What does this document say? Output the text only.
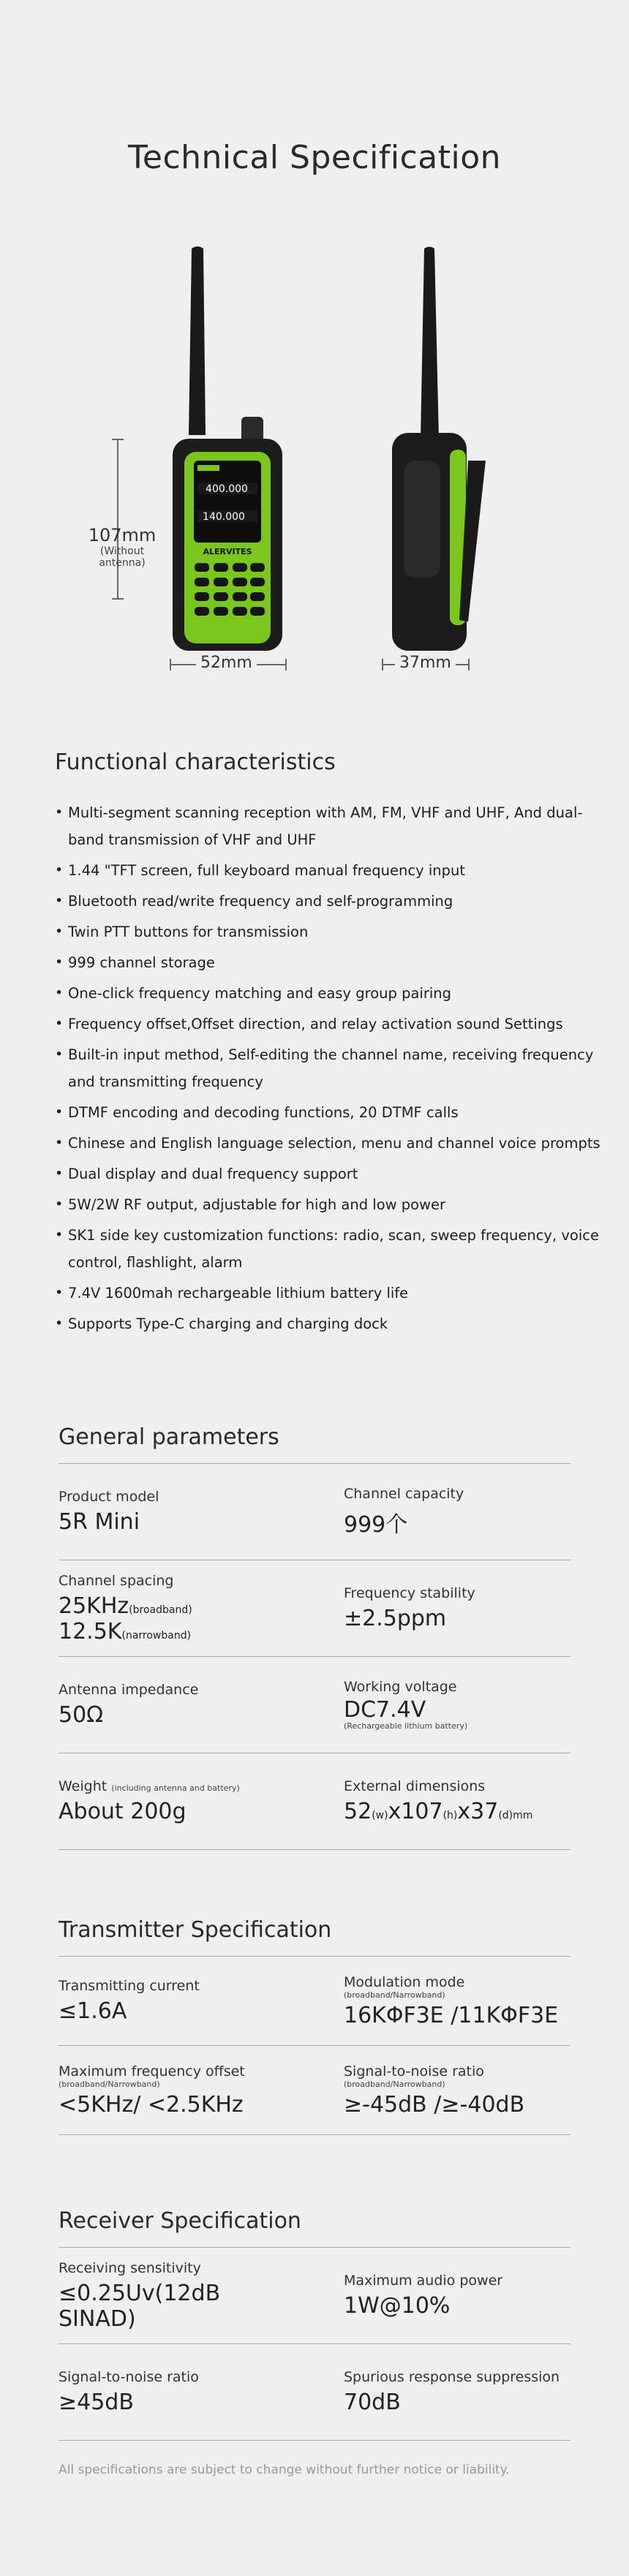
Technical Specification
400.000
140.000
ALERVITES
107mm
(Without antenna)
52mm	37mm
Functional characteristics
• Multi-segment scanning reception with AM, FM, VHF and UHF, And dual-band transmission of VHF and UHF
• 1.44 "TFT screen, full keyboard manual frequency input
• Bluetooth read/write frequency and self-programming
• Twin PTT buttons for transmission
• 999 channel storage
• One-click frequency matching and easy group pairing
• Frequency offset,Offset direction, and relay activation sound Settings
• Built-in input method, Self-editing the channel name, receiving frequency and transmitting frequency
• DTMF encoding and decoding functions, 20 DTMF calls
• Chinese and English language selection, menu and channel voice prompts
• Dual display and dual frequency support
• 5W/2W RF output, adjustable for high and low power
• SK1 side key customization functions: radio, scan, sweep frequency, voice control, flashlight, alarm
• 7.4V 1600mah rechargeable lithium battery life
• Supports Type-C charging and charging dock
General parameters
Product model
5R Mini
Channel capacity
999个
Channel spacing
25KHz(broadband) 12.5K(narrowband)
Frequency stability
±2.5ppm
Antenna impedance
50Ω
Working voltage
DC7.4V
(Rechargeable lithium battery)
Weight (including antenna and battery)
About 200g
External dimensions
52(w)x107(h)x37(d)mm
Transmitter Specification
Transmitting current
≤1.6A
Modulation mode
(broadband/Narrowband)
16KΦF3E /11KΦF3E
Maximum frequency offset
(broadband/Narrowband)
<5KHz/ <2.5KHz
Signal-to-noise ratio
(broadband/Narrowband)
≥-45dB /≥-40dB
Receiver Specification
Receiving sensitivity
≤0.25Uv(12dB SINAD)
Maximum audio power
1W@10%
Signal-to-noise ratio
≥45dB
Spurious response suppression
70dB
All specifications are subject to change without further notice or liability.
